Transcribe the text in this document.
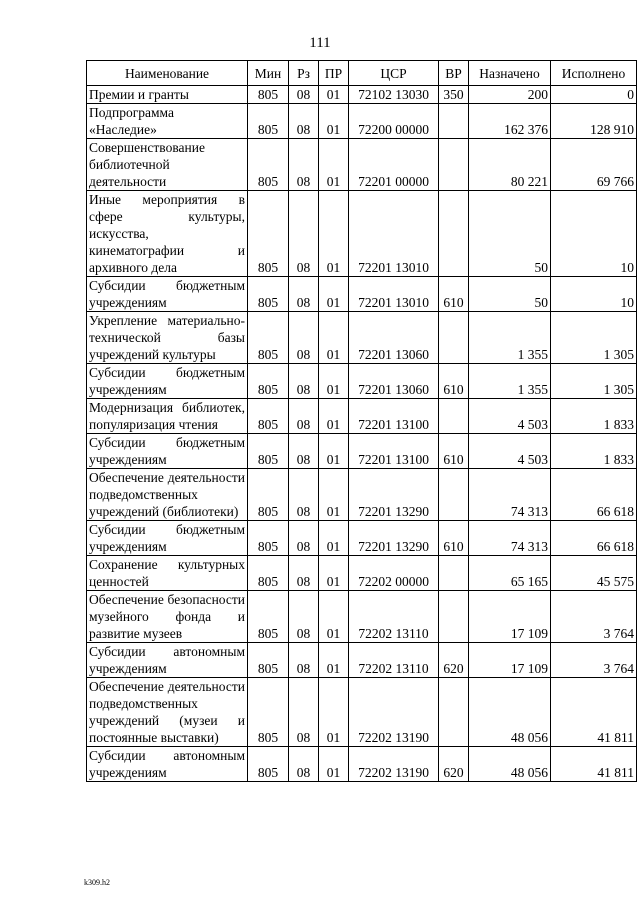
111
Наименование	Мин	Рз	ПР	ЦСР	ВР	Назначено	Исполнено
Премии и гранты	805	08	01	72102 13030	350	200	0
Подпрограмма «Наследие»	805	08	01	72200 00000		162 376	128 910
Совершенствование библиотечной деятельности	805	08	01	72201 00000		80 221	69 766
Иные мероприятия в сфере культуры, искусства, кинематографии и архивного дела	805	08	01	72201 13010		50	10
Субсидии бюджетным учреждениям	805	08	01	72201 13010	610	50	10
Укрепление материально-технической базы учреждений культуры	805	08	01	72201 13060		1 355	1 305
Субсидии бюджетным учреждениям	805	08	01	72201 13060	610	1 355	1 305
Модернизация библиотек, популяризация чтения	805	08	01	72201 13100		4 503	1 833
Субсидии бюджетным учреждениям	805	08	01	72201 13100	610	4 503	1 833
Обеспечение деятельности подведомственных учреждений (библиотеки)	805	08	01	72201 13290		74 313	66 618
Субсидии бюджетным учреждениям	805	08	01	72201 13290	610	74 313	66 618
Сохранение культурных ценностей	805	08	01	72202 00000		65 165	45 575
Обеспечение безопасности музейного фонда и развитие музеев	805	08	01	72202 13110		17 109	3 764
Субсидии автономным учреждениям	805	08	01	72202 13110	620	17 109	3 764
Обеспечение деятельности подведомственных учреждений (музеи и постоянные выставки)	805	08	01	72202 13190		48 056	41 811
Субсидии автономным учреждениям	805	08	01	72202 13190	620	48 056	41 811
k309.h2
